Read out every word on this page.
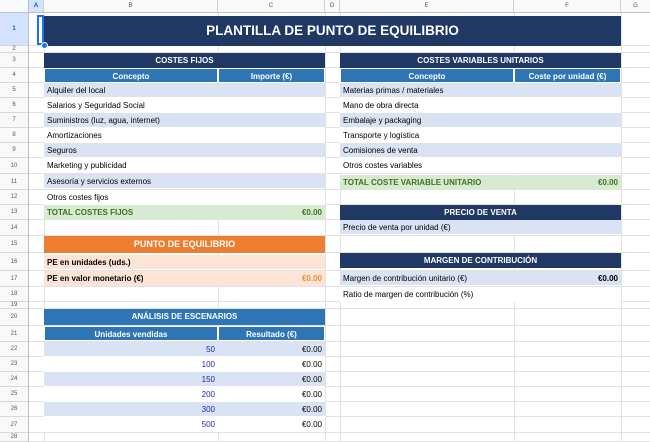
A	B	C	D	E	F	G
1
2
3
4
5
6
7
8
9
10
11
12
13
14
15
16
17
18
19
20
21
22
23
24
25
26
27
28
PLANTILLA DE PUNTO DE EQUILIBRIO
COSTES FIJOS
Concepto	Importe (€)
Alquiler del local
Salarios y Seguridad Social
Suministros (luz, agua, internet)
Amortizaciones
Seguros
Marketing y publicidad
Asesoría y servicios externos
Otros costes fijos
TOTAL COSTES FIJOS	€0.00
COSTES VARIABLES UNITARIOS
Concepto	Coste por unidad (€)
Materias primas / materiales
Mano de obra directa
Embalaje y packaging
Transporte y logística
Comisiones de venta
Otros costes variables
TOTAL COSTE VARIABLE UNITARIO	€0.00
PRECIO DE VENTA
Precio de venta por unidad (€)
PUNTO DE EQUILIBRIO
PE en unidades (uds.)
PE en valor monetario (€)	€0.00
MARGEN DE CONTRIBUCIÓN
Margen de contribución unitario (€)	€0.00
Ratio de margen de contribución (%)
ANÁLISIS DE ESCENARIOS
Unidades vendidas	Resultado (€)
50	€0.00
100	€0.00
150	€0.00
200	€0.00
300	€0.00
500	€0.00
